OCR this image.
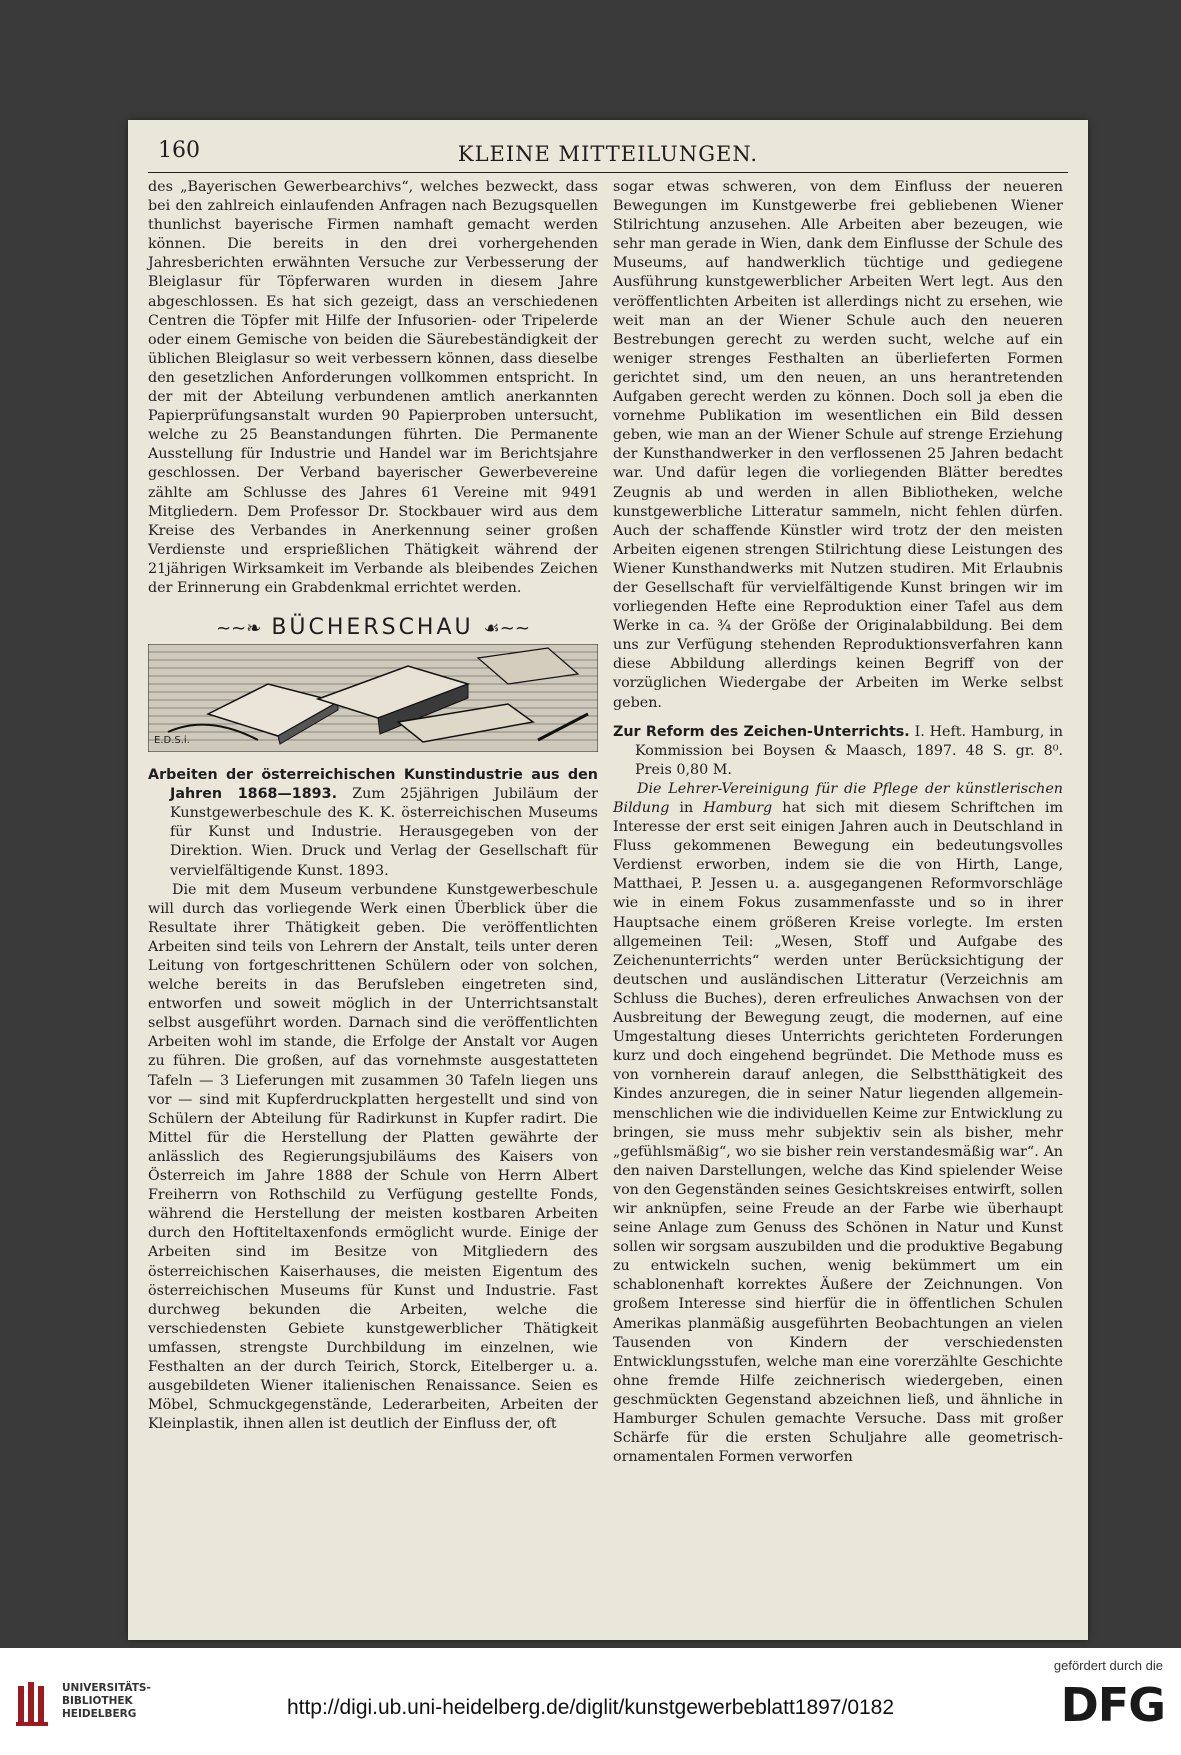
160	KLEINE MITTEILUNGEN.

des „Bayerischen Gewerbearchivs“, welches bezweckt, dass bei den zahlreich einlaufenden Anfragen nach Bezugsquellen thunlichst bayerische Firmen namhaft gemacht werden können. Die bereits in den drei vorhergehenden Jahresberichten erwähnten Versuche zur Verbesserung der Bleiglasur für Töpferwaren wurden in diesem Jahre abgeschlossen. Es hat sich gezeigt, dass an verschiedenen Centren die Töpfer mit Hilfe der Infusorien- oder Tripelerde oder einem Gemische von beiden die Säurebeständigkeit der üblichen Bleiglasur so weit verbessern können, dass dieselbe den gesetzlichen Anforderungen vollkommen entspricht. In der mit der Abteilung verbundenen amtlich anerkannten Papierprüfungsanstalt wurden 90 Papierproben untersucht, welche zu 25 Beanstandungen führten. Die Permanente Ausstellung für Industrie und Handel war im Berichtsjahre geschlossen. Der Verband bayerischer Gewerbevereine zählte am Schlusse des Jahres 61 Vereine mit 9491 Mitgliedern. Dem Professor Dr. Stockbauer wird aus dem Kreise des Verbandes in Anerkennung seiner großen Verdienste und ersprießlichen Thätigkeit während der 21jährigen Wirksamkeit im Verbande als bleibendes Zeichen der Erinnerung ein Grabdenkmal errichtet werden.

~~❧ BÜCHERSCHAU ☙~~
E.D.S.i.

Arbeiten der österreichischen Kunstindustrie aus den Jahren 1868—1893. Zum 25jährigen Jubiläum der Kunstgewerbeschule des K. K. österreichischen Museums für Kunst und Industrie. Herausgegeben von der Direktion. Wien. Druck und Verlag der Gesellschaft für vervielfältigende Kunst. 1893.

Die mit dem Museum verbundene Kunstgewerbeschule will durch das vorliegende Werk einen Überblick über die Resultate ihrer Thätigkeit geben. Die veröffentlichten Arbeiten sind teils von Lehrern der Anstalt, teils unter deren Leitung von fortgeschrittenen Schülern oder von solchen, welche bereits in das Berufsleben eingetreten sind, entworfen und soweit möglich in der Unterrichtsanstalt selbst ausgeführt worden. Darnach sind die veröffentlichten Arbeiten wohl im stande, die Erfolge der Anstalt vor Augen zu führen. Die großen, auf das vornehmste ausgestatteten Tafeln — 3 Lieferungen mit zusammen 30 Tafeln liegen uns vor — sind mit Kupferdruckplatten hergestellt und sind von Schülern der Abteilung für Radirkunst in Kupfer radirt. Die Mittel für die Herstellung der Platten gewährte der anlässlich des Regierungsjubiläums des Kaisers von Österreich im Jahre 1888 der Schule von Herrn Albert Freiherrn von Rothschild zu Verfügung gestellte Fonds, während die Herstellung der meisten kostbaren Arbeiten durch den Hoftiteltaxenfonds ermöglicht wurde. Einige der Arbeiten sind im Besitze von Mitgliedern des österreichischen Kaiserhauses, die meisten Eigentum des österreichischen Museums für Kunst und Industrie. Fast durchweg bekunden die Arbeiten, welche die verschiedensten Gebiete kunstgewerblicher Thätigkeit umfassen, strengste Durchbildung im einzelnen, wie Festhalten an der durch Teirich, Storck, Eitelberger u. a. ausgebildeten Wiener italienischen Renaissance. Seien es Möbel, Schmuckgegenstände, Lederarbeiten, Arbeiten der Kleinplastik, ihnen allen ist deutlich der Einfluss der, oft

sogar etwas schweren, von dem Einfluss der neueren Bewegungen im Kunstgewerbe frei gebliebenen Wiener Stilrichtung anzusehen. Alle Arbeiten aber bezeugen, wie sehr man gerade in Wien, dank dem Einflusse der Schule des Museums, auf handwerklich tüchtige und gediegene Ausführung kunstgewerblicher Arbeiten Wert legt. Aus den veröffentlichten Arbeiten ist allerdings nicht zu ersehen, wie weit man an der Wiener Schule auch den neueren Bestrebungen gerecht zu werden sucht, welche auf ein weniger strenges Festhalten an überlieferten Formen gerichtet sind, um den neuen, an uns herantretenden Aufgaben gerecht werden zu können. Doch soll ja eben die vornehme Publikation im wesentlichen ein Bild dessen geben, wie man an der Wiener Schule auf strenge Erziehung der Kunsthandwerker in den verflossenen 25 Jahren bedacht war. Und dafür legen die vorliegenden Blätter beredtes Zeugnis ab und werden in allen Bibliotheken, welche kunstgewerbliche Litteratur sammeln, nicht fehlen dürfen. Auch der schaffende Künstler wird trotz der den meisten Arbeiten eigenen strengen Stilrichtung diese Leistungen des Wiener Kunsthandwerks mit Nutzen studiren. Mit Erlaubnis der Gesellschaft für vervielfältigende Kunst bringen wir im vorliegenden Hefte eine Reproduktion einer Tafel aus dem Werke in ca. ¾ der Größe der Originalabbildung. Bei dem uns zur Verfügung stehenden Reproduktionsverfahren kann diese Abbildung allerdings keinen Begriff von der vorzüglichen Wiedergabe der Arbeiten im Werke selbst geben.

Zur Reform des Zeichen-Unterrichts. I. Heft. Hamburg, in Kommission bei Boysen & Maasch, 1897. 48 S. gr. 8⁰. Preis 0,80 M.

Die Lehrer-Vereinigung für die Pflege der künstlerischen Bildung in Hamburg hat sich mit diesem Schriftchen im Interesse der erst seit einigen Jahren auch in Deutschland in Fluss gekommenen Bewegung ein bedeutungsvolles Verdienst erworben, indem sie die von Hirth, Lange, Matthaei, P. Jessen u. a. ausgegangenen Reformvorschläge wie in einem Fokus zusammenfasste und so in ihrer Hauptsache einem größeren Kreise vorlegte. Im ersten allgemeinen Teil: „Wesen, Stoff und Aufgabe des Zeichenunterrichts“ werden unter Berücksichtigung der deutschen und ausländischen Litteratur (Verzeichnis am Schluss die Buches), deren erfreuliches Anwachsen von der Ausbreitung der Bewegung zeugt, die modernen, auf eine Umgestaltung dieses Unterrichts gerichteten Forderungen kurz und doch eingehend begründet. Die Methode muss es von vornherein darauf anlegen, die Selbstthätigkeit des Kindes anzuregen, die in seiner Natur liegenden allgemein-menschlichen wie die individuellen Keime zur Entwicklung zu bringen, sie muss mehr subjektiv sein als bisher, mehr „gefühlsmäßig“, wo sie bisher rein verstandesmäßig war“. An den naiven Darstellungen, welche das Kind spielender Weise von den Gegenständen seines Gesichtskreises entwirft, sollen wir anknüpfen, seine Freude an der Farbe wie überhaupt seine Anlage zum Genuss des Schönen in Natur und Kunst sollen wir sorgsam auszubilden und die produktive Begabung zu entwickeln suchen, wenig bekümmert um ein schablonenhaft korrektes Äußere der Zeichnungen. Von großem Interesse sind hierfür die in öffentlichen Schulen Amerikas planmäßig ausgeführten Beobachtungen an vielen Tausenden von Kindern der verschiedensten Entwicklungsstufen, welche man eine vorerzählte Geschichte ohne fremde Hilfe zeichnerisch wiedergeben, einen geschmückten Gegenstand abzeichnen ließ, und ähnliche in Hamburger Schulen gemachte Versuche. Dass mit großer Schärfe für die ersten Schuljahre alle geometrisch-ornamentalen Formen verworfen

UNIVERSITÄTS-
BIBLIOTHEK
HEIDELBERG	http://digi.ub.uni-heidelberg.de/diglit/kunstgewerbeblatt1897/0182
gefördert durch die
DFG
